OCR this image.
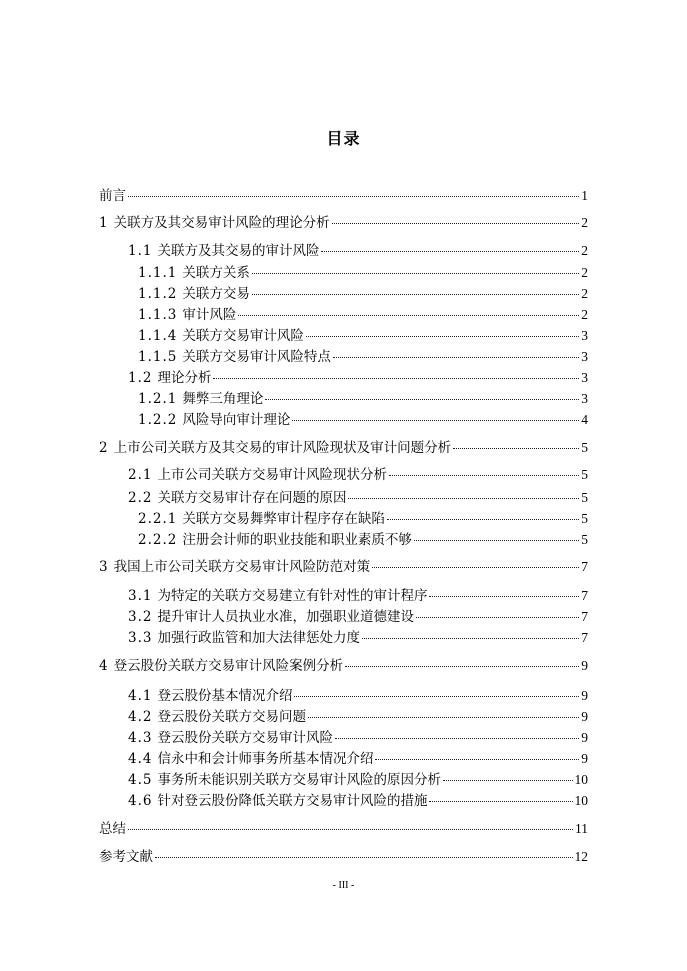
目录
前言	1
1 关联方及其交易审计风险的理论分析	2
1.1 关联方及其交易的审计风险	2
1.1.1 关联方关系	2
1.1.2 关联方交易	2
1.1.3 审计风险	2
1.1.4 关联方交易审计风险	3
1.1.5 关联方交易审计风险特点	3
1.2 理论分析	3
1.2.1 舞弊三角理论	3
1.2.2 风险导向审计理论	4
2 上市公司关联方及其交易的审计风险现状及审计问题分析	5
2.1 上市公司关联方交易审计风险现状分析	5
2.2 关联方交易审计存在问题的原因	5
2.2.1 关联方交易舞弊审计程序存在缺陷	5
2.2.2 注册会计师的职业技能和职业素质不够	5
3 我国上市公司关联方交易审计风险防范对策	7
3.1 为特定的关联方交易建立有针对性的审计程序	7
3.2 提升审计人员执业水准，加强职业道德建设	7
3.3 加强行政监管和加大法律惩处力度	7
4 登云股份关联方交易审计风险案例分析	9
4.1 登云股份基本情况介绍	9
4.2 登云股份关联方交易问题	9
4.3 登云股份关联方交易审计风险	9
4.4 信永中和会计师事务所基本情况介绍	9
4.5 事务所未能识别关联方交易审计风险的原因分析	10
4.6 针对登云股份降低关联方交易审计风险的措施	10
总结	11
参考文献	12
- III -
